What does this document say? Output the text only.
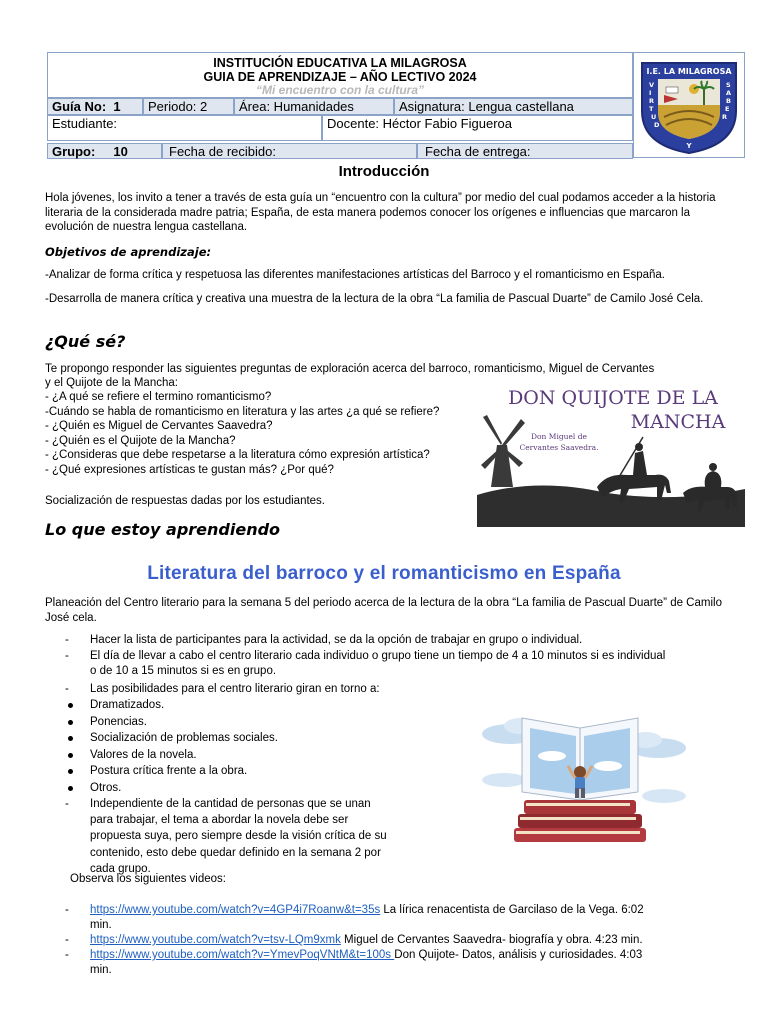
INSTITUCIÓN EDUCATIVA LA MILAGROSA
GUIA DE APRENDIZAJE – AÑO LECTIVO 2024
“Mi encuentro con la cultura”
Guía No: 1	Periodo: 2	Área: Humanidades	Asignatura: Lengua castellana
Estudiante:	Docente: Héctor Fabio Figueroa
Grupo: 10	Fecha de recibido:	Fecha de entrega:
I.E. LA MILAGROSA
V I R T U D
S A B E R
Y
Introducción
Hola jóvenes, los invito a tener a través de esta guía un “encuentro con la cultura” por medio del cual podamos acceder a la historia literaria de la considerada madre patria; España, de esta manera podemos conocer los orígenes e influencias que marcaron la evolución de nuestra lengua castellana.
Objetivos de aprendizaje:
-Analizar de forma crítica y respetuosa las diferentes manifestaciones artísticas del Barroco y el romanticismo en España.
-Desarrolla de manera crítica y creativa una muestra de la lectura de la obra “La familia de Pascual Duarte” de Camilo José Cela.
¿Qué sé?
Te propongo responder las siguientes preguntas de exploración acerca del barroco, romanticismo, Miguel de Cervantes
y el Quijote de la Mancha:
- ¿A qué se refiere el termino romanticismo?
-Cuándo se habla de romanticismo en literatura y las artes ¿a qué se refiere?
- ¿Quién es Miguel de Cervantes Saavedra?
- ¿Quién es el Quijote de la Mancha?
- ¿Consideras que debe respetarse a la literatura cómo expresión artística?
- ¿Qué expresiones artísticas te gustan más? ¿Por qué?
Socialización de respuestas dadas por los estudiantes.
DON QUIJOTE DE LA
MANCHA
Don Miguel de
Cervantes Saavedra.
Lo que estoy aprendiendo
Literatura del barroco y el romanticismo en España
Planeación del Centro literario para la semana 5 del periodo acerca de la lectura de la obra “La familia de Pascual Duarte” de Camilo José cela.
- Hacer la lista de participantes para la actividad, se da la opción de trabajar en grupo o individual.
- El día de llevar a cabo el centro literario cada individuo o grupo tiene un tiempo de 4 a 10 minutos si es individual
o de 10 a 15 minutos si es en grupo.
- Las posibilidades para el centro literario giran en torno a:
Dramatizados.
Ponencias.
Socialización de problemas sociales.
Valores de la novela.
Postura crítica frente a la obra.
Otros.
- Independiente de la cantidad de personas que se unan
para trabajar, el tema a abordar la novela debe ser
propuesta suya, pero siempre desde la visión crítica de su
contenido, esto debe quedar definido en la semana 2 por
cada grupo.
Observa los siguientes videos:
- https://www.youtube.com/watch?v=4GP4i7Roanw&t=35s La lírica renacentista de Garcilaso de la Vega. 6:02
min.
- https://www.youtube.com/watch?v=tsv-LQm9xmk Miguel de Cervantes Saavedra- biografía y obra. 4:23 min.
- https://www.youtube.com/watch?v=YmevPoqVNtM&t=100s Don Quijote- Datos, análisis y curiosidades. 4:03
min.
